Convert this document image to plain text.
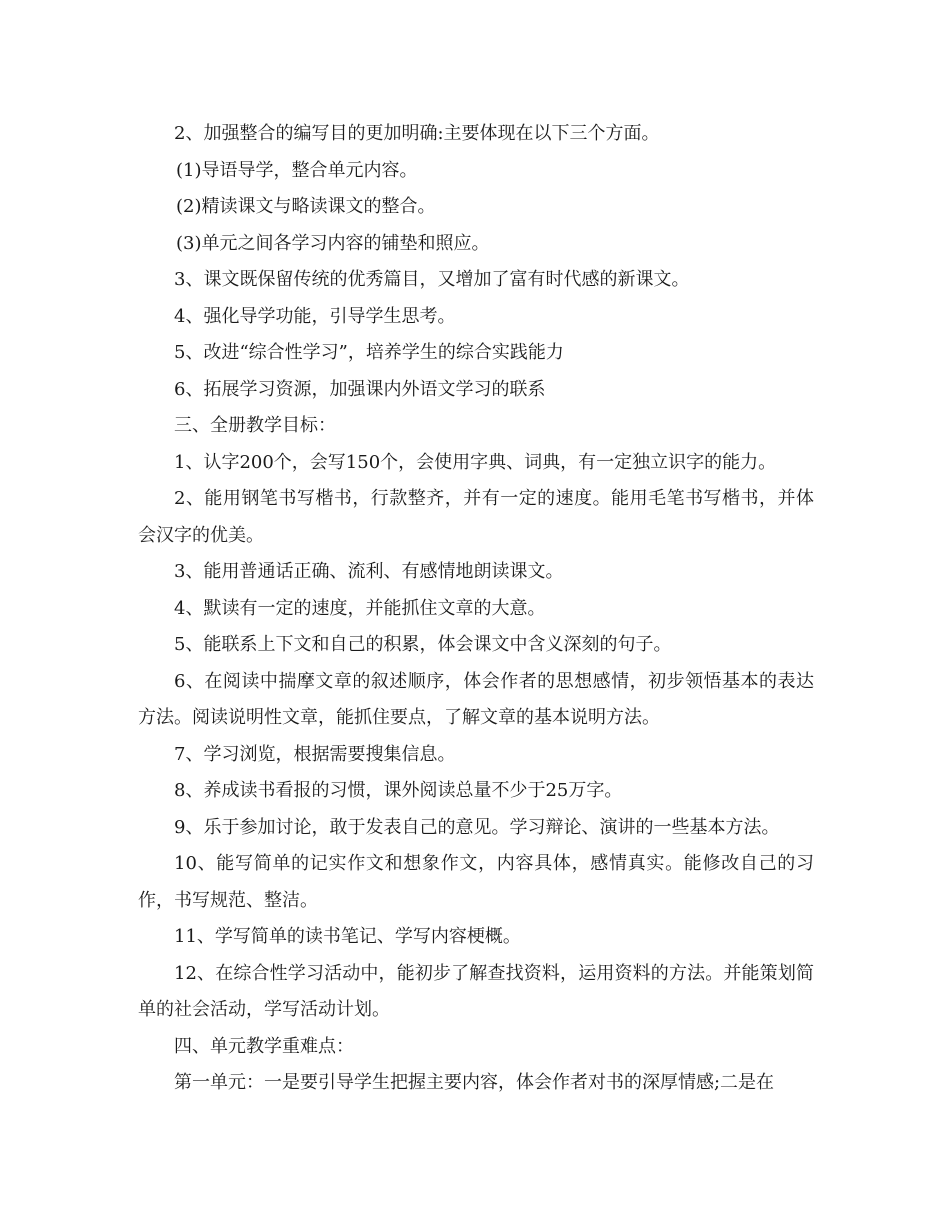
2、加强整合的编写目的更加明确:主要体现在以下三个方面。

(1)导语导学，整合单元内容。

(2)精读课文与略读课文的整合。

(3)单元之间各学习内容的铺垫和照应。

3、课文既保留传统的优秀篇目，又增加了富有时代感的新课文。

4、强化导学功能，引导学生思考。

5、改进“综合性学习”，培养学生的综合实践能力

6、拓展学习资源，加强课内外语文学习的联系

三、全册教学目标：

1、认字200个，会写150个，会使用字典、词典，有一定独立识字的能力。

2、能用钢笔书写楷书，行款整齐，并有一定的速度。能用毛笔书写楷书，并体会汉字的优美。

3、能用普通话正确、流利、有感情地朗读课文。

4、默读有一定的速度，并能抓住文章的大意。

5、能联系上下文和自己的积累，体会课文中含义深刻的句子。

6、在阅读中揣摩文章的叙述顺序，体会作者的思想感情，初步领悟基本的表达方法。阅读说明性文章，能抓住要点，了解文章的基本说明方法。

7、学习浏览，根据需要搜集信息。

8、养成读书看报的习惯，课外阅读总量不少于25万字。

9、乐于参加讨论，敢于发表自己的意见。学习辩论、演讲的一些基本方法。

10、能写简单的记实作文和想象作文，内容具体，感情真实。能修改自己的习作，书写规范、整洁。

11、学写简单的读书笔记、学写内容梗概。

12、在综合性学习活动中，能初步了解查找资料，运用资料的方法。并能策划简单的社会活动，学写活动计划。

四、单元教学重难点：

第一单元：一是要引导学生把握主要内容，体会作者对书的深厚情感;二是在
